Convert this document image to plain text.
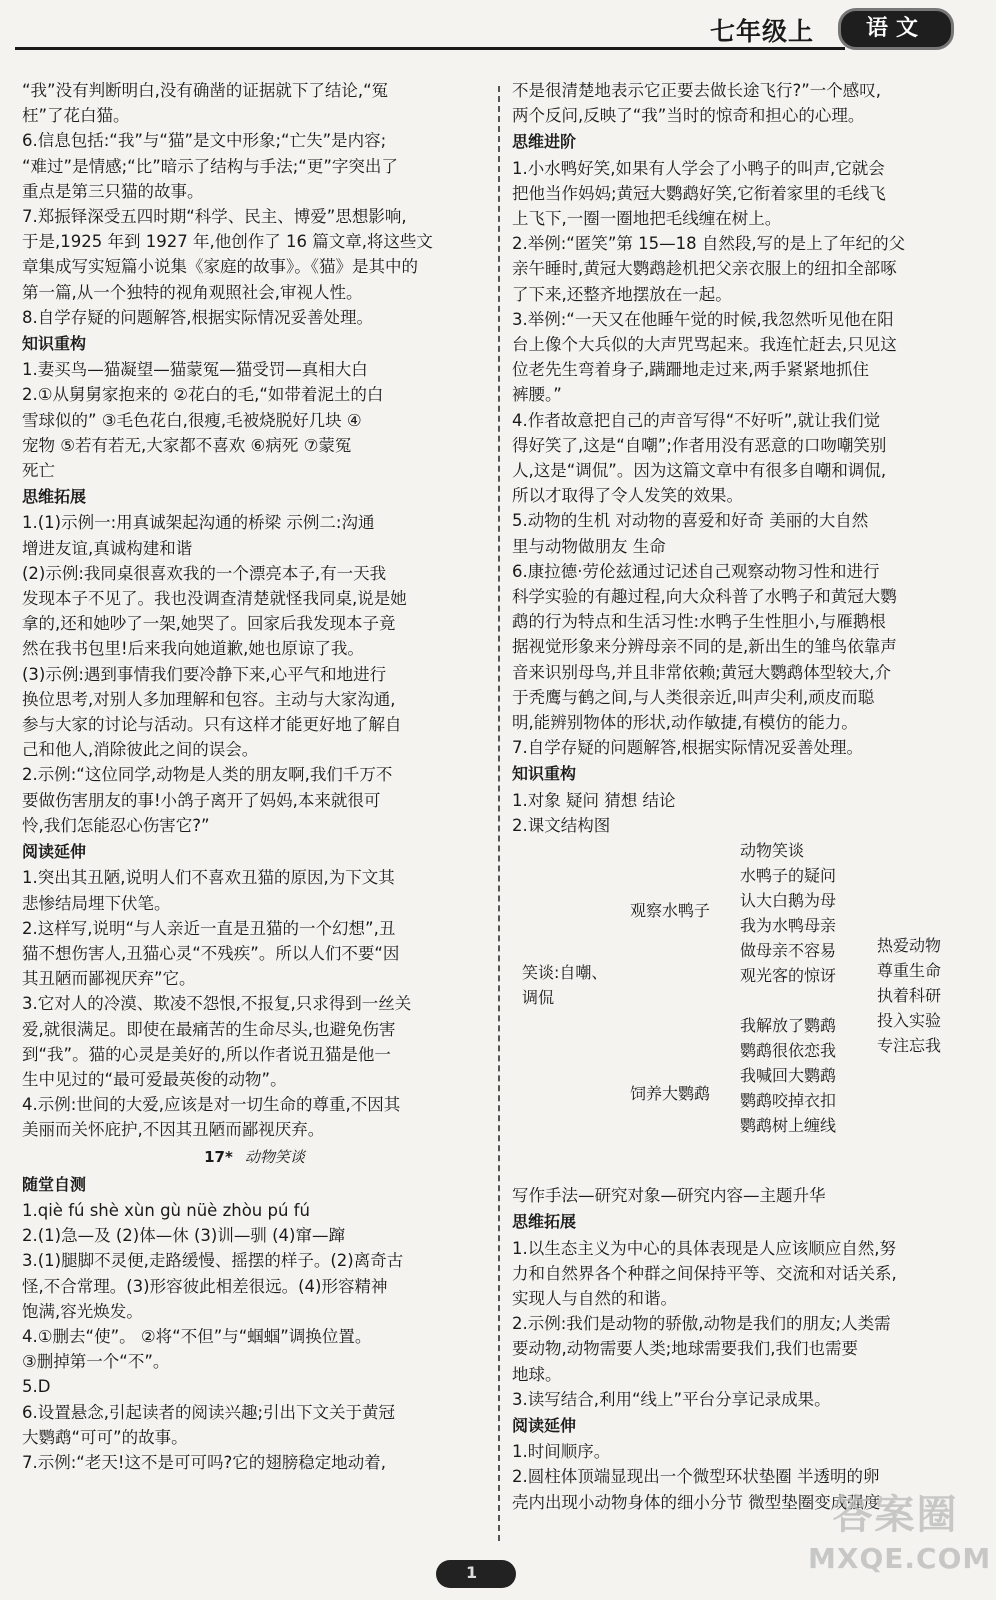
七年级上	语文

“我”没有判断明白,没有确凿的证据就下了结论,“冤

枉”了花白猫。

6.信息包括:“我”与“猫”是文中形象;“亡失”是内容;

“难过”是情感;“比”暗示了结构与手法;“更”字突出了

重点是第三只猫的故事。

7.郑振铎深受五四时期“科学、民主、博爱”思想影响,

于是,1925 年到 1927 年,他创作了 16 篇文章,将这些文

章集成写实短篇小说集《家庭的故事》。《猫》是其中的

第一篇,从一个独特的视角观照社会,审视人性。

8.自学存疑的问题解答,根据实际情况妥善处理。

知识重构

1.妻买鸟—猫凝望—猫蒙冤—猫受罚—真相大白

2.①从舅舅家抱来的 ②花白的毛,“如带着泥土的白

雪球似的” ③毛色花白,很瘦,毛被烧脱好几块 ④

宠物 ⑤若有若无,大家都不喜欢 ⑥病死 ⑦蒙冤

死亡

思维拓展

1.(1)示例一:用真诚架起沟通的桥梁 示例二:沟通

增进友谊,真诚构建和谐

(2)示例:我同桌很喜欢我的一个漂亮本子,有一天我

发现本子不见了。我也没调查清楚就怪我同桌,说是她

拿的,还和她吵了一架,她哭了。回家后我发现本子竟

然在我书包里!后来我向她道歉,她也原谅了我。

(3)示例:遇到事情我们要冷静下来,心平气和地进行

换位思考,对别人多加理解和包容。主动与大家沟通,

参与大家的讨论与活动。只有这样才能更好地了解自

己和他人,消除彼此之间的误会。

2.示例:“这位同学,动物是人类的朋友啊,我们千万不

要做伤害朋友的事!小鸽子离开了妈妈,本来就很可

怜,我们怎能忍心伤害它?”

阅读延伸

1.突出其丑陋,说明人们不喜欢丑猫的原因,为下文其

悲惨结局埋下伏笔。

2.这样写,说明“与人亲近一直是丑猫的一个幻想”,丑

猫不想伤害人,丑猫心灵“不残疾”。所以人们不要“因

其丑陋而鄙视厌弃”它。

3.它对人的冷漠、欺凌不怨恨,不报复,只求得到一丝关

爱,就很满足。即使在最痛苦的生命尽头,也避免伤害

到“我”。猫的心灵是美好的,所以作者说丑猫是他一

生中见过的“最可爱最英俊的动物”。

4.示例:世间的大爱,应该是对一切生命的尊重,不因其

美丽而关怀庇护,不因其丑陋而鄙视厌弃。

17* 动物笑谈

随堂自测

1.qiè fú shè xùn gù nüè zhòu pú fú

2.(1)急—及 (2)体—休 (3)训—驯 (4)窜—蹿

3.(1)腿脚不灵便,走路缓慢、摇摆的样子。(2)离奇古

怪,不合常理。(3)形容彼此相差很远。(4)形容精神

饱满,容光焕发。

4.①删去“使”。 ②将“不但”与“蝈蝈”调换位置。

③删掉第一个“不”。

5.D

6.设置悬念,引起读者的阅读兴趣;引出下文关于黄冠

大鹦鹉“可可”的故事。

7.示例:“老天!这不是可可吗?它的翅膀稳定地动着,

不是很清楚地表示它正要去做长途飞行?”一个感叹,

两个反问,反映了“我”当时的惊奇和担心的心理。

思维进阶

1.小水鸭好笑,如果有人学会了小鸭子的叫声,它就会

把他当作妈妈;黄冠大鹦鹉好笑,它衔着家里的毛线飞

上飞下,一圈一圈地把毛线缠在树上。

2.举例:“匿笑”第 15—18 自然段,写的是上了年纪的父

亲午睡时,黄冠大鹦鹉趁机把父亲衣服上的纽扣全部啄

了下来,还整齐地摆放在一起。

3.举例:“一天又在他睡午觉的时候,我忽然听见他在阳

台上像个大兵似的大声咒骂起来。我连忙赶去,只见这

位老先生弯着身子,蹒跚地走过来,两手紧紧地抓住

裤腰。”

4.作者故意把自己的声音写得“不好听”,就让我们觉

得好笑了,这是“自嘲”;作者用没有恶意的口吻嘲笑别

人,这是“调侃”。因为这篇文章中有很多自嘲和调侃,

所以才取得了令人发笑的效果。

5.动物的生机 对动物的喜爱和好奇 美丽的大自然

里与动物做朋友 生命

6.康拉德·劳伦兹通过记述自己观察动物习性和进行

科学实验的有趣过程,向大众科普了水鸭子和黄冠大鹦

鹉的行为特点和生活习性:水鸭子生性胆小,与雁鹅根

据视觉形象来分辨母亲不同的是,新出生的雏鸟依靠声

音来识别母鸟,并且非常依赖;黄冠大鹦鹉体型较大,介

于秃鹰与鹤之间,与人类很亲近,叫声尖利,顽皮而聪

明,能辨别物体的形状,动作敏捷,有模仿的能力。

7.自学存疑的问题解答,根据实际情况妥善处理。

知识重构

1.对象 疑问 猜想 结论

2.课文结构图

笑谈:自嘲、

调侃

观察水鸭子

动物笑谈

水鸭子的疑问

认大白鹅为母

我为水鸭母亲

做母亲不容易

观光客的惊讶

饲养大鹦鹉

我解放了鹦鹉

鹦鹉很依恋我

我喊回大鹦鹉

鹦鹉咬掉衣扣

鹦鹉树上缠线

热爱动物

尊重生命

执着科研

投入实验

专注忘我

写作手法—研究对象—研究内容—主题升华

思维拓展

1.以生态主义为中心的具体表现是人应该顺应自然,努

力和自然界各个种群之间保持平等、交流和对话关系,

实现人与自然的和谐。

2.示例:我们是动物的骄傲,动物是我们的朋友;人类需

要动物,动物需要人类;地球需要我们,我们也需要

地球。

3.读写结合,利用“线上”平台分享记录成果。

阅读延伸

1.时间顺序。

2.圆柱体顶端显现出一个微型环状垫圈 半透明的卵

壳内出现小动物身体的细小分节 微型垫圈变成强度

1
答案圈
MXQE.COM
